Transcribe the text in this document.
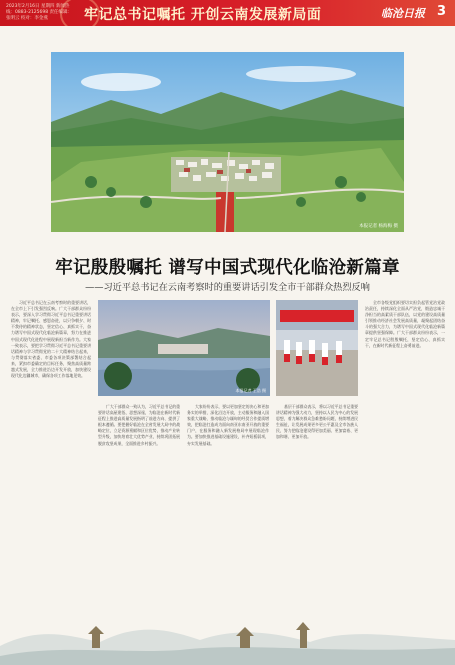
2023年2月16日 星期四 新闻热线：0883-2125698 责任编辑：张明云 校对：李金燕	牢记总书记嘱托 开创云南发展新局面	临沧日报 3
本报记者 杨海梅 摄
牢记殷殷嘱托 谱写中国式现代化临沧新篇章
——习近平总书记在云南考察时的重要讲话引发全市干部群众热烈反响

习近平总书记在云南考察时的重要讲话，在全市上下引发强烈反响。广大干部群众纷纷表示，要深入学习贯彻习近平总书记重要讲话精神，牢记嘱托、感恩奋进，以只争朝夕、时不我待的精神状态，坚定信心、真抓实干，奋力谱写中国式现代化临沧新篇章，努力在推进中国式现代化进程中展现新担当新作为。大家一致表示，要把学习贯彻习近平总书记重要讲话精神与学习贯彻党的二十大精神结合起来，与贯彻落实省委、市委各项决策部署结合起来，紧扣市委确定的目标任务，聚焦高质量跨越式发展，全力推进沿边开发开放，加快建设现代化边疆城市，确保各项工作落地见效。

本报记者 王浩 摄

广大干部群众一致认为，习近平总书记的重要讲话高屋建瓴、思想深邃，为临沧在新时代新征程上推进高质量发展指明了前进方向、提供了根本遵循。要把握好临沧在全省发展大局中的战略定位，立足资源禀赋和区位优势，推动产业转型升级，加快培育壮大优势产业，持续巩固拓展脱贫攻坚成果，全面推进乡村振兴。

大家纷纷表示，要以更加坚定的决心和更加务实的举措，深化沿边开放，主动服务和融入国家重大战略，推动临沧与缅甸的经贸合作提质增效，把临沧打造成为面向南亚东南亚开放的重要门户，在服务和融入新发展格局中展现临沧作为。要加快推进基础设施建设，补齐短板弱项，夯实发展基础。

基层干部群众表示，将以习近平总书记重要讲话精神为强大动力，坚持以人民为中心的发展思想，着力解决群众急难愁盼问题，持续增进民生福祉，让发展成果更多更公平惠及全市各族人民，努力把临沧建设得更加美丽、更加富裕、更加和谐、更加开放。

全市各级党组织要切实担负起管党治党政治责任，持续深化全面从严治党，锻造忠诚干净担当的高素质干部队伍，以党的建设高质量引领推动经济社会发展高质量，凝聚起团结奋斗的强大合力，为谱写中国式现代化临沧新篇章提供坚强保障。广大干部群众纷纷表示，一定牢记总书记殷殷嘱托，坚定信心、真抓实干，在新时代新征程上奋勇前进。
